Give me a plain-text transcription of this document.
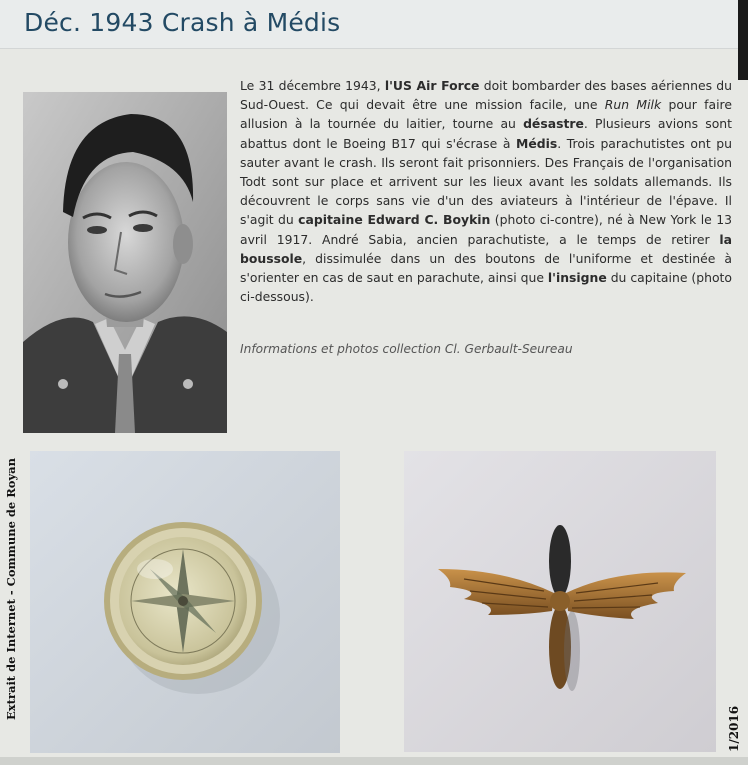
Déc. 1943 Crash à Médis
Le 31 décembre 1943, l'US Air Force doit bombarder des bases aériennes du Sud-Ouest. Ce qui devait être une mission facile, une Run Milk pour faire allusion à la tournée du laitier, tourne au désastre. Plusieurs avions sont abattus dont le Boeing B17 qui s'écrase à Médis. Trois parachutistes ont pu sauter avant le crash. Ils seront fait prisonniers. Des Français de l'organisation Todt sont sur place et arrivent sur les lieux avant les soldats allemands. Ils découvrent le corps sans vie d'un des aviateurs à l'intérieur de l'épave. Il s'agit du capitaine Edward C. Boykin (photo ci-contre), né à New York le 13 avril 1917. André Sabia, ancien parachutiste, a le temps de retirer la boussole, dissimulée dans un des boutons de l'uniforme et destinée à s'orienter en cas de saut en parachute, ainsi que l'insigne du capitaine (photo ci-dessous).
Informations et photos collection Cl. Gerbault-Seureau
Extrait de Internet - Commune de Royan
1/2016
